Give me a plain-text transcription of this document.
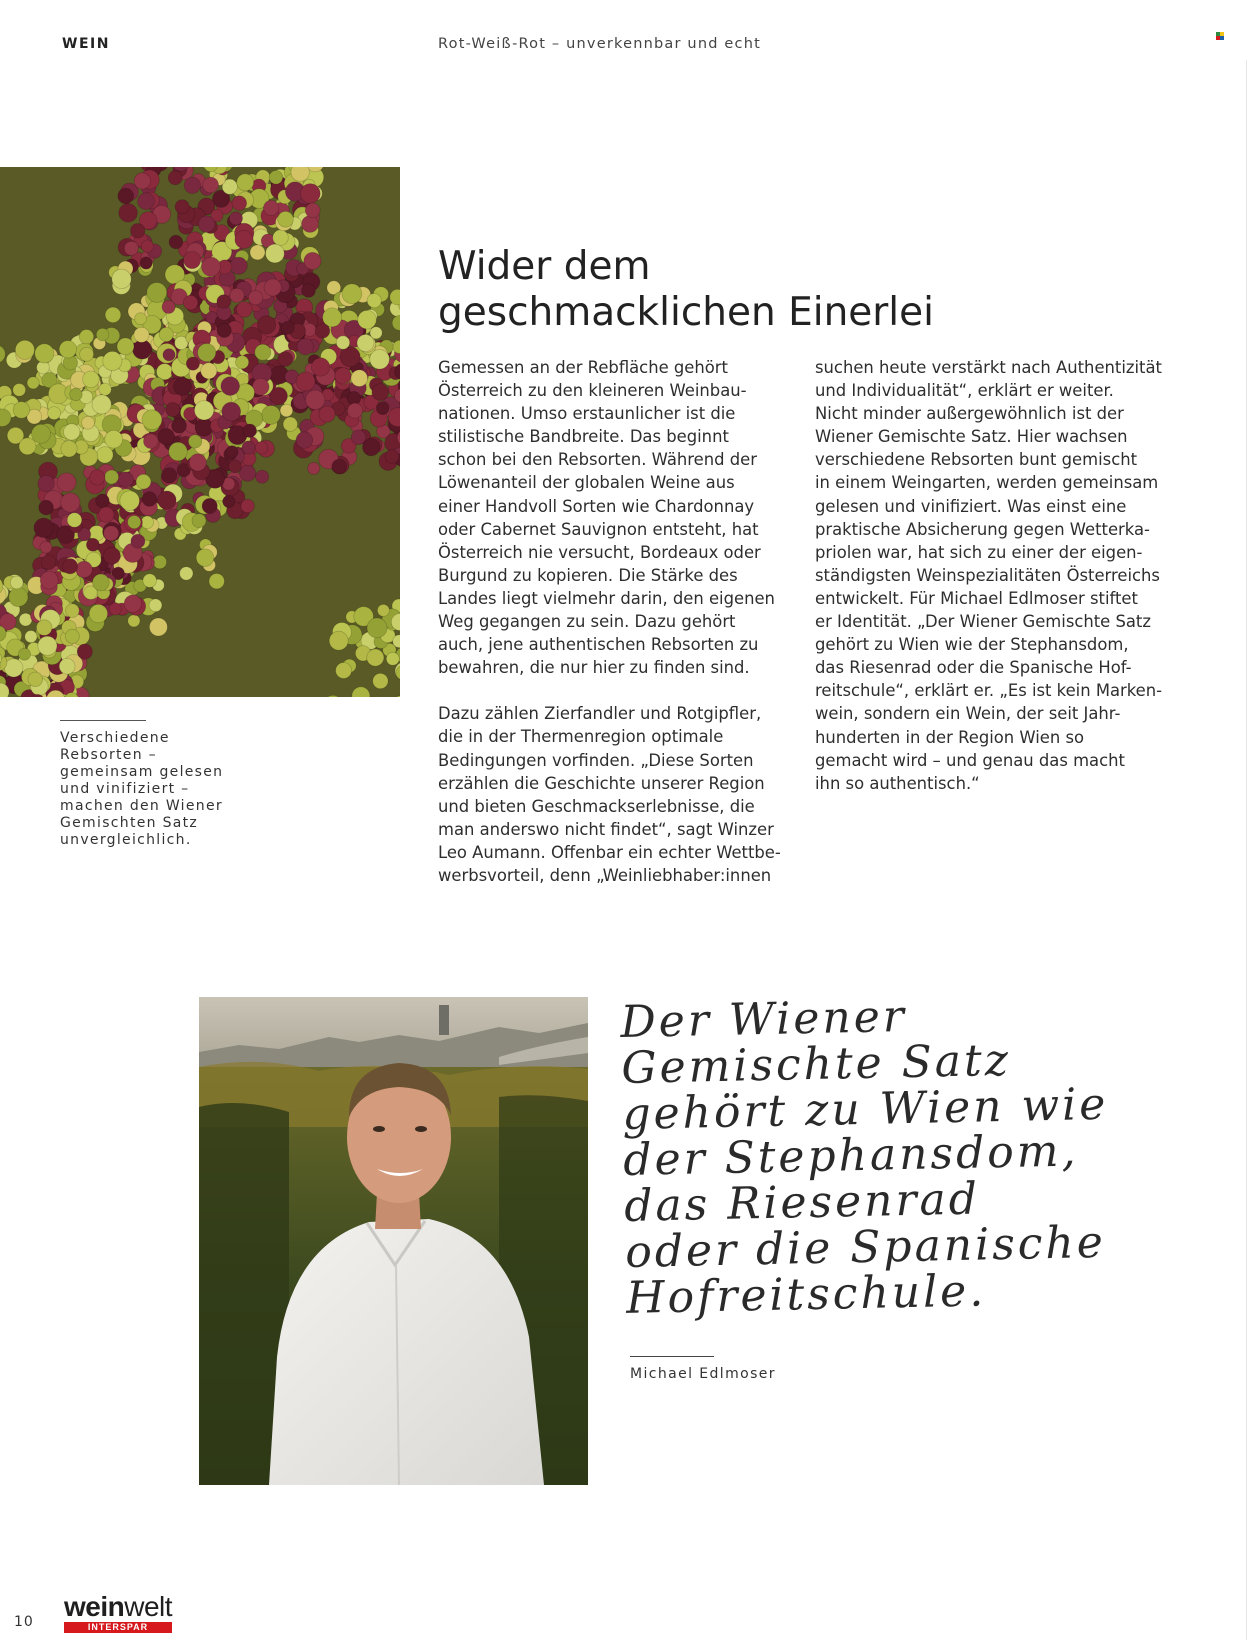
WEIN	Rot-Weiß-Rot – unverkennbar und echt
Verschiedene
Rebsorten –
gemeinsam gelesen
und vinifiziert –
machen den Wiener
Gemischten Satz
unvergleichlich.
Wider dem
geschmacklichen Einerlei
Gemessen an der Rebfläche gehört
Österreich zu den kleineren Weinbau-
nationen. Umso erstaunlicher ist die
stilistische Bandbreite. Das beginnt
schon bei den Rebsorten. Während der
Löwenanteil der globalen Weine aus
einer Handvoll Sorten wie Chardonnay
oder Cabernet Sauvignon entsteht, hat
Österreich nie versucht, Bordeaux oder
Burgund zu kopieren. Die Stärke des
Landes liegt vielmehr darin, den eigenen
Weg gegangen zu sein. Dazu gehört
auch, jene authentischen Rebsorten zu
bewahren, die nur hier zu finden sind.
Dazu zählen Zierfandler und Rotgipfler,
die in der Thermenregion optimale
Bedingungen vorfinden. „Diese Sorten
erzählen die Geschichte unserer Region
und bieten Geschmackserlebnisse, die
man anderswo nicht findet“, sagt Winzer
Leo Aumann. Offenbar ein echter Wettbe-
werbsvorteil, denn „Weinliebhaber:innen
suchen heute verstärkt nach Authentizität
und Individualität“, erklärt er weiter.
Nicht minder außergewöhnlich ist der
Wiener Gemischte Satz. Hier wachsen
verschiedene Rebsorten bunt gemischt
in einem Weingarten, werden gemeinsam
gelesen und vinifiziert. Was einst eine
praktische Absicherung gegen Wetterka-
priolen war, hat sich zu einer der eigen-
ständigsten Weinspezialitäten Österreichs
entwickelt. Für Michael Edlmoser stiftet
er Identität. „Der Wiener Gemischte Satz
gehört zu Wien wie der Stephansdom,
das Riesenrad oder die Spanische Hof-
reitschule“, erklärt er. „Es ist kein Marken-
wein, sondern ein Wein, der seit Jahr-
hunderten in der Region Wien so
gemacht wird – und genau das macht
ihn so authentisch.“
Der Wiener
Gemischte Satz
gehört zu Wien wie
der Stephansdom,
das Riesenrad
oder die Spanische
Hofreitschule.
Michael Edlmoser
10 weinwelt
INTERSPAR
